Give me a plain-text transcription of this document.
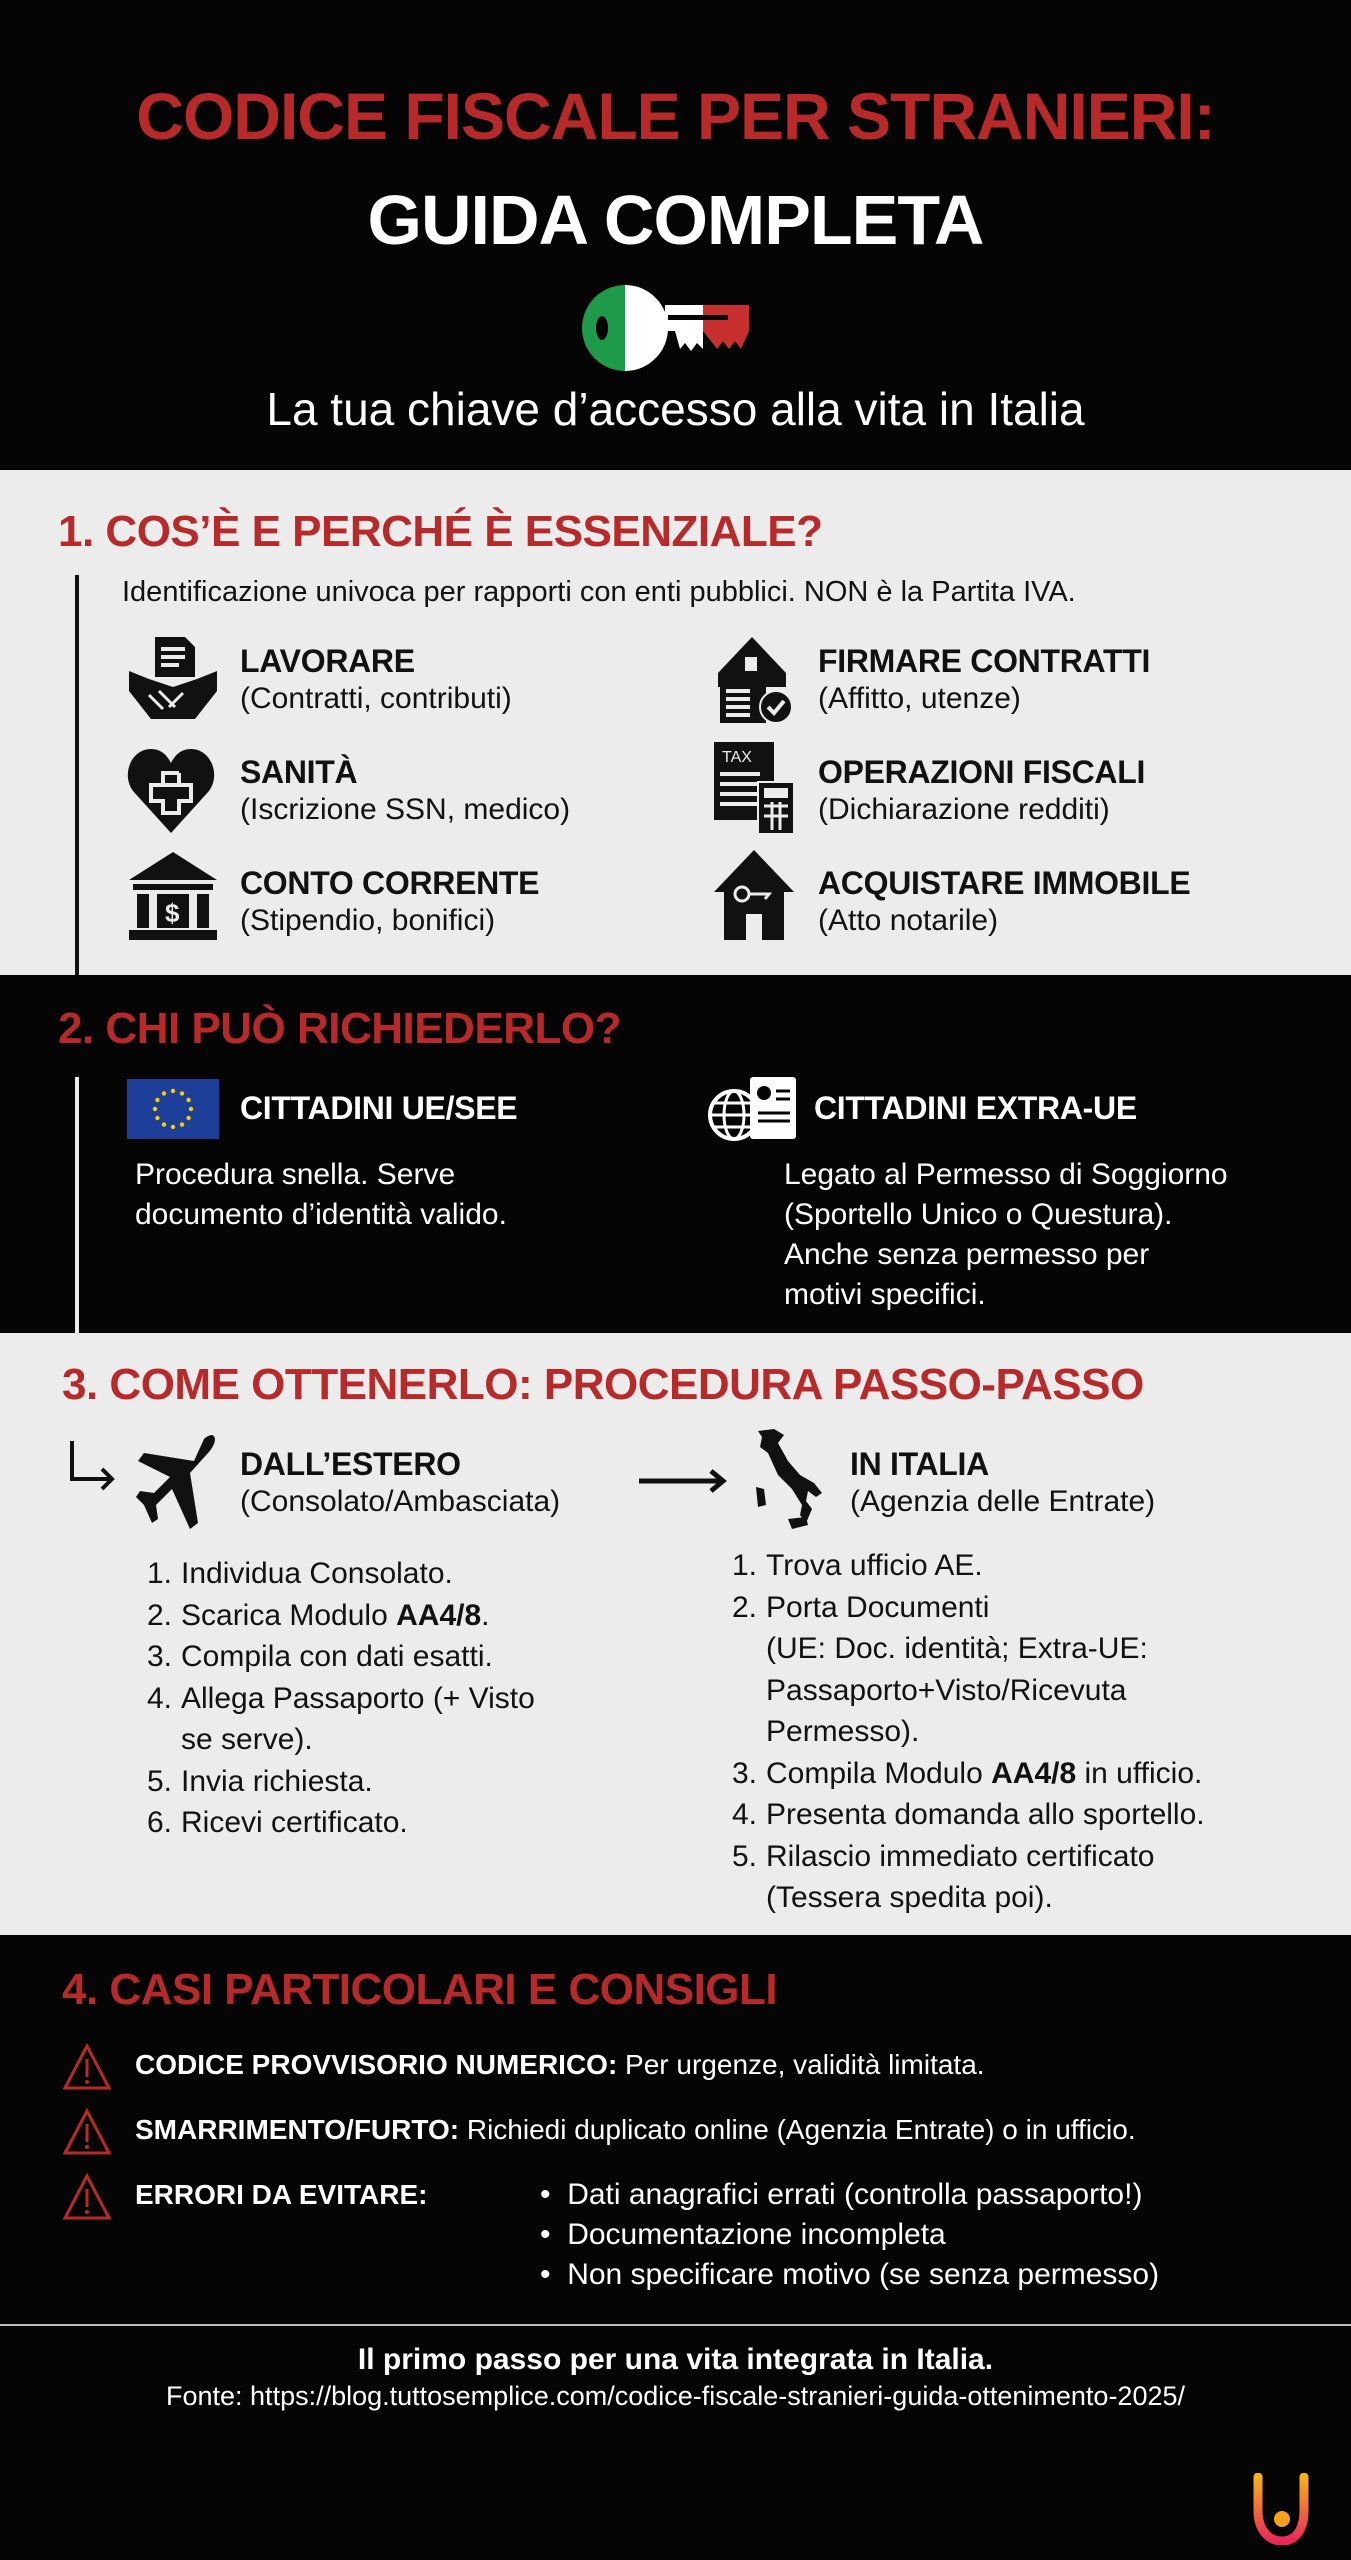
CODICE FISCALE PER STRANIERI:
GUIDA COMPLETA
La tua chiave d’accesso alla vita in Italia
1. COS’È E PERCHÉ È ESSENZIALE?
Identificazione univoca per rapporti con enti pubblici. NON è la Partita IVA.
TAX
$
LAVORARE
(Contratti, contributi)
FIRMARE CONTRATTI
(Affitto, utenze)
SANITÀ
(Iscrizione SSN, medico)
OPERAZIONI FISCALI
(Dichiarazione redditi)
CONTO CORRENTE
(Stipendio, bonifici)
ACQUISTARE IMMOBILE
(Atto notarile)
2. CHI PUÒ RICHIEDERLO?
CITTADINI UE/SEE
Procedura snella. Serve
documento d’identità valido.
CITTADINI EXTRA-UE
Legato al Permesso di Soggiorno
(Sportello Unico o Questura).
Anche senza permesso per
motivi specifici.
3. COME OTTENERLO: PROCEDURA PASSO-PASSO
DALL’ESTERO
(Consolato/Ambasciata)
IN ITALIA
(Agenzia delle Entrate)
1. Individua Consolato.
2. Scarica Modulo AA4/8.
3. Compila con dati esatti.
4. Allega Passaporto (+ Visto
se serve).
5. Invia richiesta.
6. Ricevi certificato.
1. Trova ufficio AE.
2. Porta Documenti
(UE: Doc. identità; Extra-UE:
Passaporto+Visto/Ricevuta
Permesso).
3. Compila Modulo AA4/8 in ufficio.
4. Presenta domanda allo sportello.
5. Rilascio immediato certificato
(Tessera spedita poi).
4. CASI PARTICOLARI E CONSIGLI
CODICE PROVVISORIO NUMERICO: Per urgenze, validità limitata.
SMARRIMENTO/FURTO: Richiedi duplicato online (Agenzia Entrate) o in ufficio.
ERRORI DA EVITARE:	•  Dati anagrafici errati (controlla passaporto!)
•  Documentazione incompleta
•  Non specificare motivo (se senza permesso)
Il primo passo per una vita integrata in Italia.
Fonte: https://blog.tuttosemplice.com/codice-fiscale-stranieri-guida-ottenimento-2025/
